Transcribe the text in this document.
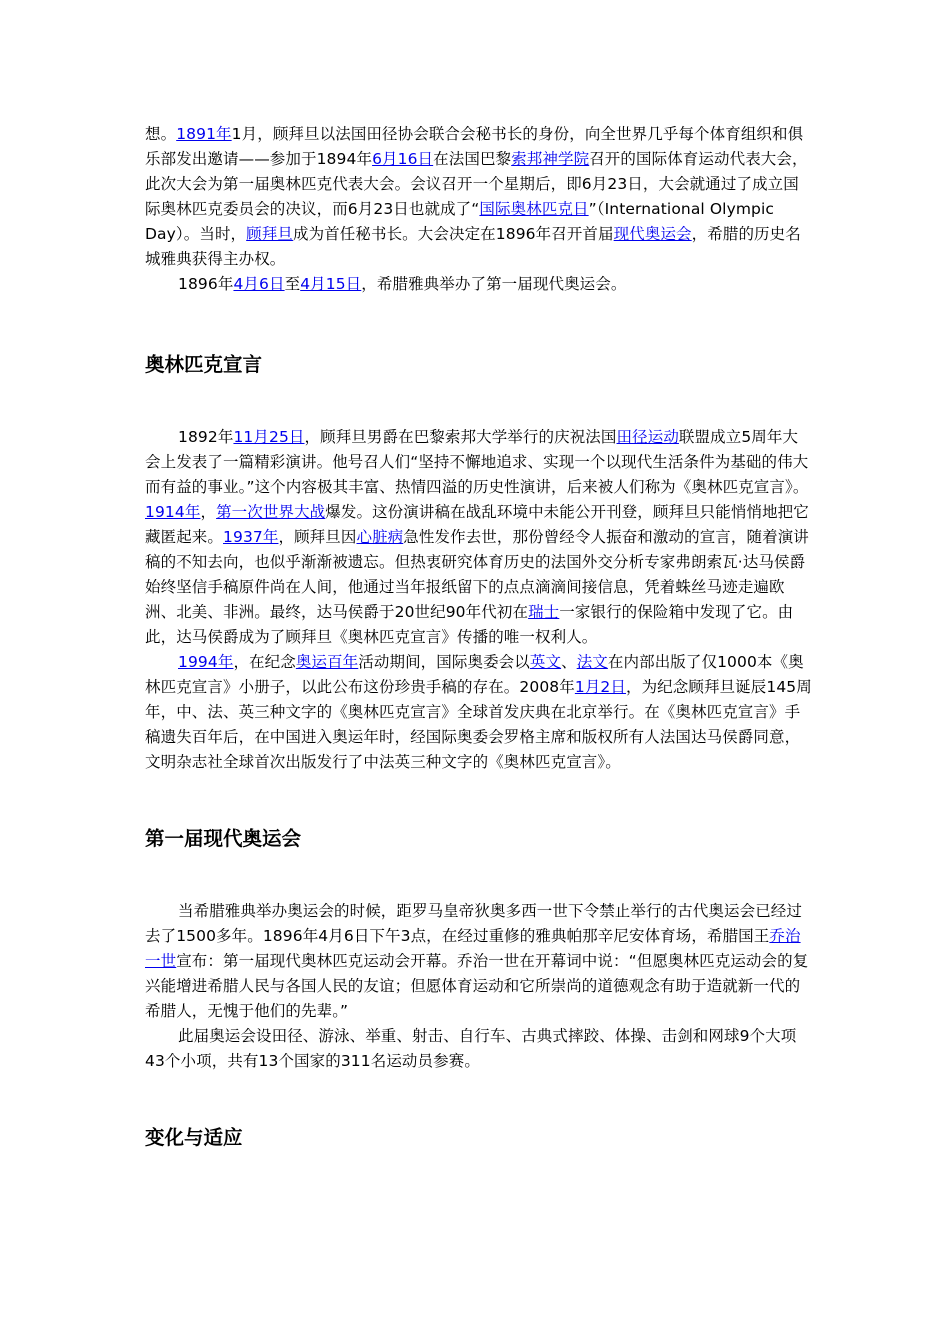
想。1891年1月，顾拜旦以法国田径协会联合会秘书长的身份，向全世界几乎每个体育组织和俱乐部发出邀请——参加于1894年6月16日在法国巴黎索邦神学院召开的国际体育运动代表大会，此次大会为第一届奥林匹克代表大会。会议召开一个星期后，即6月23日，大会就通过了成立国际奥林匹克委员会的决议，而6月23日也就成了“国际奥林匹克日”（International Olympic Day）。当时，顾拜旦成为首任秘书长。大会决定在1896年召开首届现代奥运会，希腊的历史名城雅典获得主办权。

1896年4月6日至4月15日，希腊雅典举办了第一届现代奥运会。

奥林匹克宣言

1892年11月25日，顾拜旦男爵在巴黎索邦大学举行的庆祝法国田径运动联盟成立5周年大会上发表了一篇精彩演讲。他号召人们“坚持不懈地追求、实现一个以现代生活条件为基础的伟大而有益的事业。”这个内容极其丰富、热情四溢的历史性演讲，后来被人们称为《奥林匹克宣言》。1914年，第一次世界大战爆发。这份演讲稿在战乱环境中未能公开刊登，顾拜旦只能悄悄地把它藏匿起来。1937年，顾拜旦因心脏病急性发作去世，那份曾经令人振奋和激动的宣言，随着演讲稿的不知去向，也似乎渐渐被遗忘。但热衷研究体育历史的法国外交分析专家弗朗索瓦·达马侯爵始终坚信手稿原件尚在人间，他通过当年报纸留下的点点滴滴间接信息，凭着蛛丝马迹走遍欧洲、北美、非洲。最终，达马侯爵于20世纪90年代初在瑞士一家银行的保险箱中发现了它。由此，达马侯爵成为了顾拜旦《奥林匹克宣言》传播的唯一权利人。

1994年，在纪念奥运百年活动期间，国际奥委会以英文、法文在内部出版了仅1000本《奥林匹克宣言》小册子，以此公布这份珍贵手稿的存在。2008年1月2日，为纪念顾拜旦诞辰145周年，中、法、英三种文字的《奥林匹克宣言》全球首发庆典在北京举行。在《奥林匹克宣言》手稿遗失百年后，在中国进入奥运年时，经国际奥委会罗格主席和版权所有人法国达马侯爵同意，文明杂志社全球首次出版发行了中法英三种文字的《奥林匹克宣言》。

第一届现代奥运会

当希腊雅典举办奥运会的时候，距罗马皇帝狄奥多西一世下令禁止举行的古代奥运会已经过去了1500多年。1896年4月6日下午3点，在经过重修的雅典帕那辛尼安体育场，希腊国王乔治一世宣布：第一届现代奥林匹克运动会开幕。乔治一世在开幕词中说：“但愿奥林匹克运动会的复兴能增进希腊人民与各国人民的友谊；但愿体育运动和它所崇尚的道德观念有助于造就新一代的希腊人，无愧于他们的先辈。”

此届奥运会设田径、游泳、举重、射击、自行车、古典式摔跤、体操、击剑和网球9个大项43个小项，共有13个国家的311名运动员参赛。

变化与适应
